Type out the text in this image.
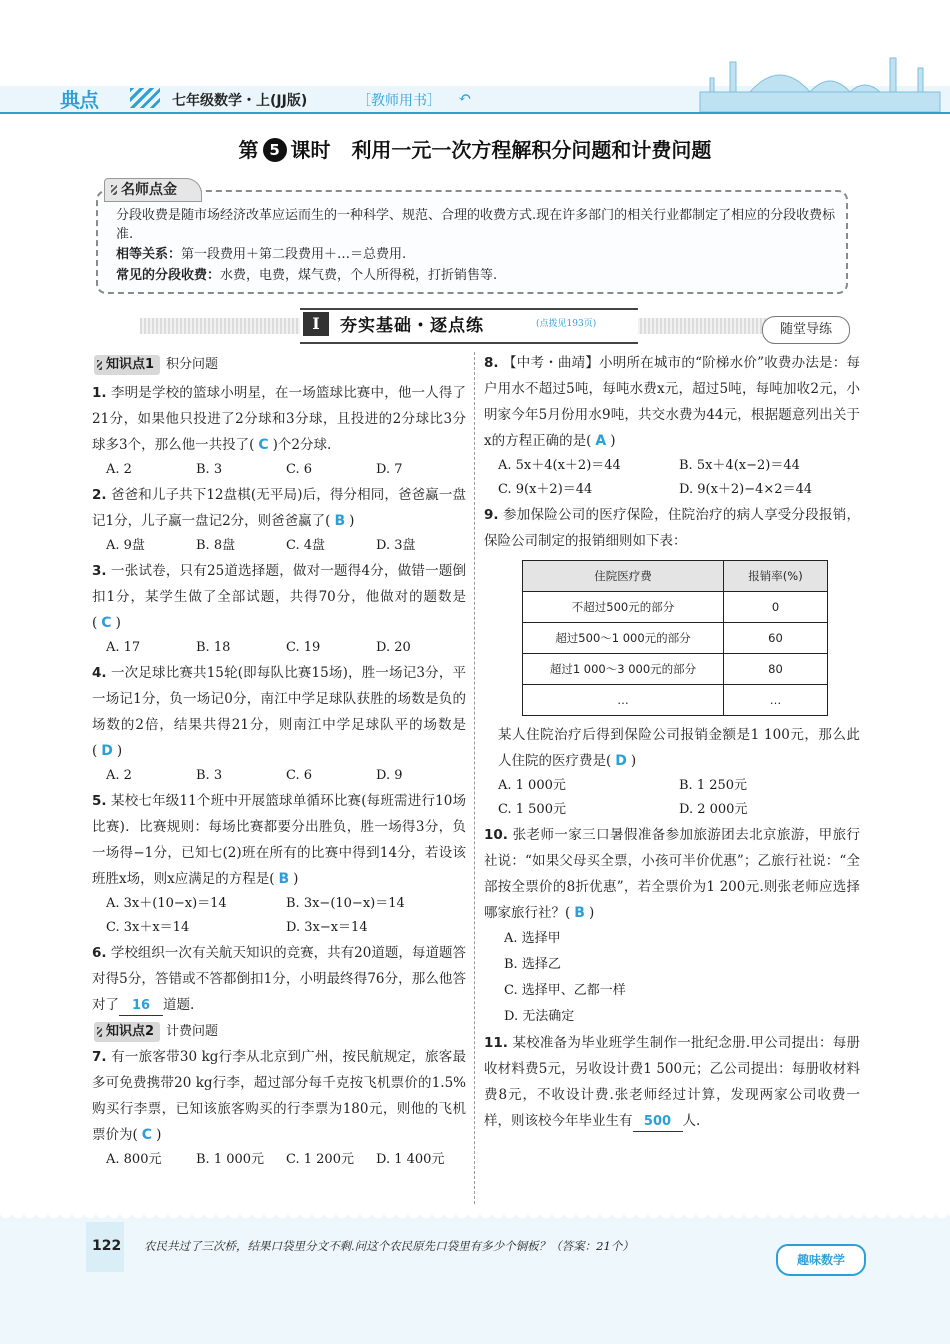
典点	七年级数学・上(JJ版)	［教师用书］ ↶
第 5 课时 利用一元一次方程解积分问题和计费问题
名师点金
分段收费是随市场经济改革应运而生的一种科学、规范、合理的收费方式.现在许多部门的相关行业都制定了相应的分段收费标准.
相等关系：第一段费用＋第二段费用＋…＝总费用.
常见的分段收费：水费，电费，煤气费，个人所得税，打折销售等.
Ⅰ	夯实基础・逐点练	(点拨见193页)	随堂导练
知识点1 积分问题
1. 李明是学校的篮球小明星，在一场篮球比赛中，他一人得了21分，如果他只投进了2分球和3分球，且投进的2分球比3分球多3个，那么他一共投了( C )个2分球.
A. 2	B. 3	C. 6	D. 7
2. 爸爸和儿子共下12盘棋(无平局)后，得分相同，爸爸赢一盘记1分，儿子赢一盘记2分，则爸爸赢了( B )
A. 9盘	B. 8盘	C. 4盘	D. 3盘
3. 一张试卷，只有25道选择题，做对一题得4分，做错一题倒扣1分，某学生做了全部试题，共得70分，他做对的题数是( C )
A. 17	B. 18	C. 19	D. 20
4. 一次足球比赛共15轮(即每队比赛15场)，胜一场记3分，平一场记1分，负一场记0分，南江中学足球队获胜的场数是负的场数的2倍，结果共得21分，则南江中学足球队平的场数是( D )
A. 2	B. 3	C. 6	D. 9
5. 某校七年级11个班中开展篮球单循环比赛(每班需进行10场比赛)．比赛规则：每场比赛都要分出胜负，胜一场得3分，负一场得−1分，已知七(2)班在所有的比赛中得到14分，若设该班胜x场，则x应满足的方程是( B )
A. 3x＋(10−x)＝14	B. 3x−(10−x)＝14
C. 3x＋x＝14	D. 3x−x＝14
6. 学校组织一次有关航天知识的竞赛，共有20道题，每道题答对得5分，答错或不答都倒扣1分，小明最终得76分，那么他答对了 16 道题.
知识点2 计费问题
7. 有一旅客带30 kg行李从北京到广州，按民航规定，旅客最多可免费携带20 kg行李，超过部分每千克按飞机票价的1.5%购买行李票，已知该旅客购买的行李票为180元，则他的飞机票价为( C )
A. 800元	B. 1 000元	C. 1 200元	D. 1 400元
8. 【中考・曲靖】小明所在城市的“阶梯水价”收费办法是：每户用水不超过5吨，每吨水费x元，超过5吨，每吨加收2元，小明家今年5月份用水9吨，共交水费为44元，根据题意列出关于x的方程正确的是( A )
A. 5x＋4(x＋2)＝44	B. 5x＋4(x−2)＝44
C. 9(x＋2)＝44	D. 9(x＋2)−4×2＝44
9. 参加保险公司的医疗保险，住院治疗的病人享受分段报销，保险公司制定的报销细则如下表：
住院医疗费	报销率(%)
不超过500元的部分	0
超过500～1 000元的部分	60
超过1 000～3 000元的部分	80
…	…
某人住院治疗后得到保险公司报销金额是1 100元，那么此人住院的医疗费是( D )
A. 1 000元	B. 1 250元
C. 1 500元	D. 2 000元
10. 张老师一家三口暑假准备参加旅游团去北京旅游，甲旅行社说：“如果父母买全票，小孩可半价优惠”；乙旅行社说：“全部按全票价的8折优惠”，若全票价为1 200元.则张老师应选择哪家旅行社？( B )
A. 选择甲
B. 选择乙
C. 选择甲、乙都一样
D. 无法确定
11. 某校准备为毕业班学生制作一批纪念册.甲公司提出：每册收材料费5元，另收设计费1 500元；乙公司提出：每册收材料费8元，不收设计费.张老师经过计算，发现两家公司收费一样，则该校今年毕业生有 500 人.
122 农民共过了三次桥，结果口袋里分文不剩.问这个农民原先口袋里有多少个铜板？（答案：21个）
趣味数学
